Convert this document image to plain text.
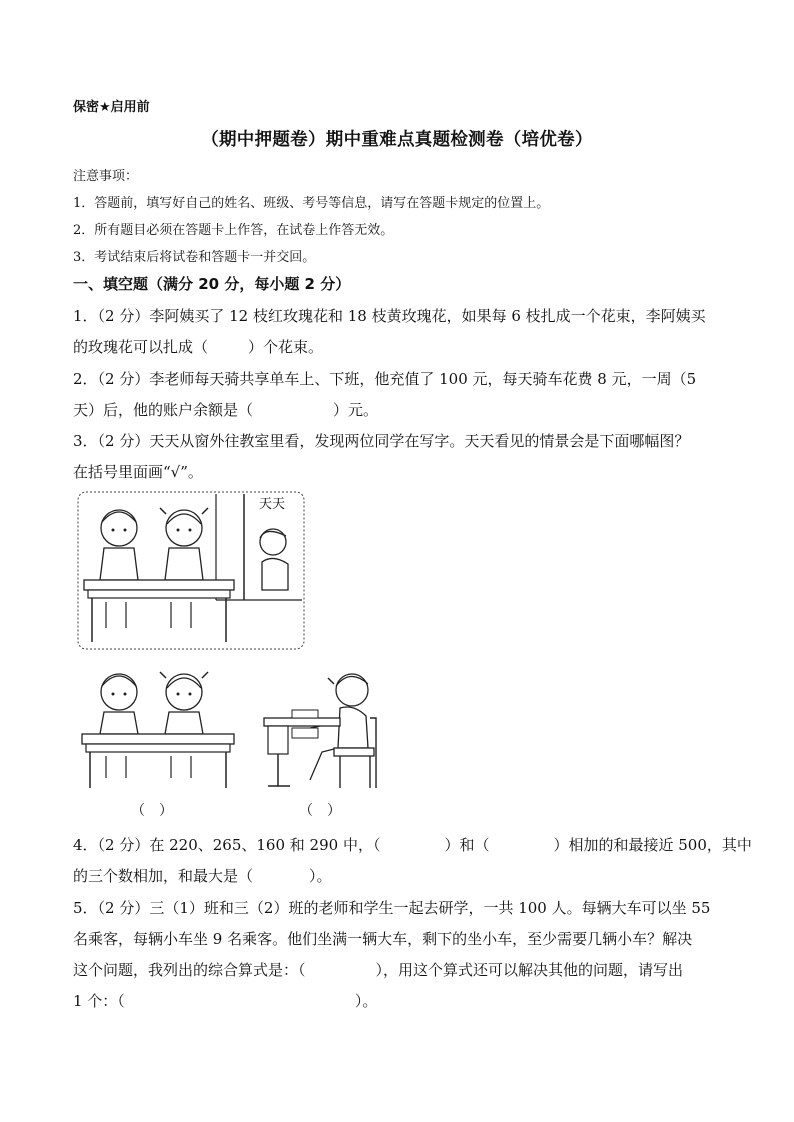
保密★启用前
（期中押题卷）期中重难点真题检测卷（培优卷）
注意事项：
1．答题前，填写好自己的姓名、班级、考号等信息，请写在答题卡规定的位置上。
2．所有题目必须在答题卡上作答，在试卷上作答无效。
3．考试结束后将试卷和答题卡一并交回。
一、填空题（满分 20 分，每小题 2 分）
1．（2 分）李阿姨买了 12 枝红玫瑰花和 18 枝黄玫瑰花，如果每 6 枝扎成一个花束，李阿姨买
的玫瑰花可以扎成（	）个花束。
2．（2 分）李老师每天骑共享单车上、下班，他充值了 100 元，每天骑车花费 8 元，一周（5
天）后，他的账户余额是（	）元。
3．（2 分）天天从窗外往教室里看，发现两位同学在写字。天天看见的情景会是下面哪幅图？
在括号里面画“√”。
天天
（　）	（　）
4．（2 分）在 220、265、160 和 290 中，（	）和（	）相加的和最接近 500，其中
的三个数相加，和最大是（	）。
5．（2 分）三（1）班和三（2）班的老师和学生一起去研学，一共 100 人。每辆大车可以坐 55
名乘客，每辆小车坐 9 名乘客。他们坐满一辆大车，剩下的坐小车，至少需要几辆小车？解决
这个问题，我列出的综合算式是：（	），用这个算式还可以解决其他的问题，请写出
1 个：（	）。
